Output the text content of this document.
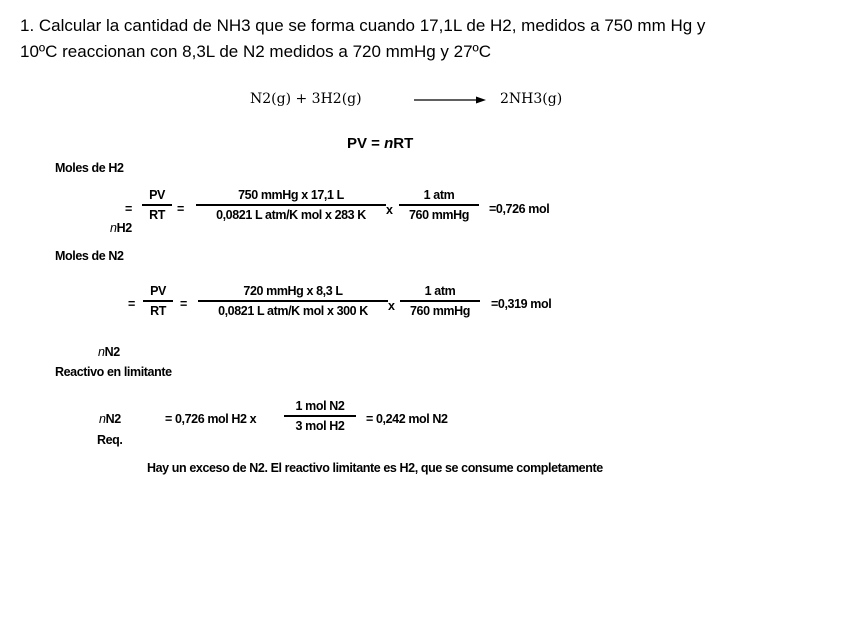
1. Calcular la cantidad de NH3 que se forma cuando 17,1L de H2, medidos a 750 mm Hg y
10ºC reaccionan con 8,3L de N2 medidos a 720 mmHg y 27ºC
N2(g) + 3H2(g)	2NH3(g)
PV = nRT
Moles de H2
=
PV
RT =
750 mmHg x 17,1 L
0,0821 L atm/K mol x 283 K x
1 atm
760 mmHg =0,726 mol
nH2
Moles de N2
=
PV
RT =
720 mmHg x 8,3 L
0,0821 L atm/K mol x 300 K x
1 atm
760 mmHg =0,319 mol
nN2
Reactivo en limitante
nN2
Req.
= 0,726 mol H2 x
1 mol N2
3 mol H2 = 0,242 mol N2
Hay un exceso de N2. El reactivo limitante es H2, que se consume completamente
